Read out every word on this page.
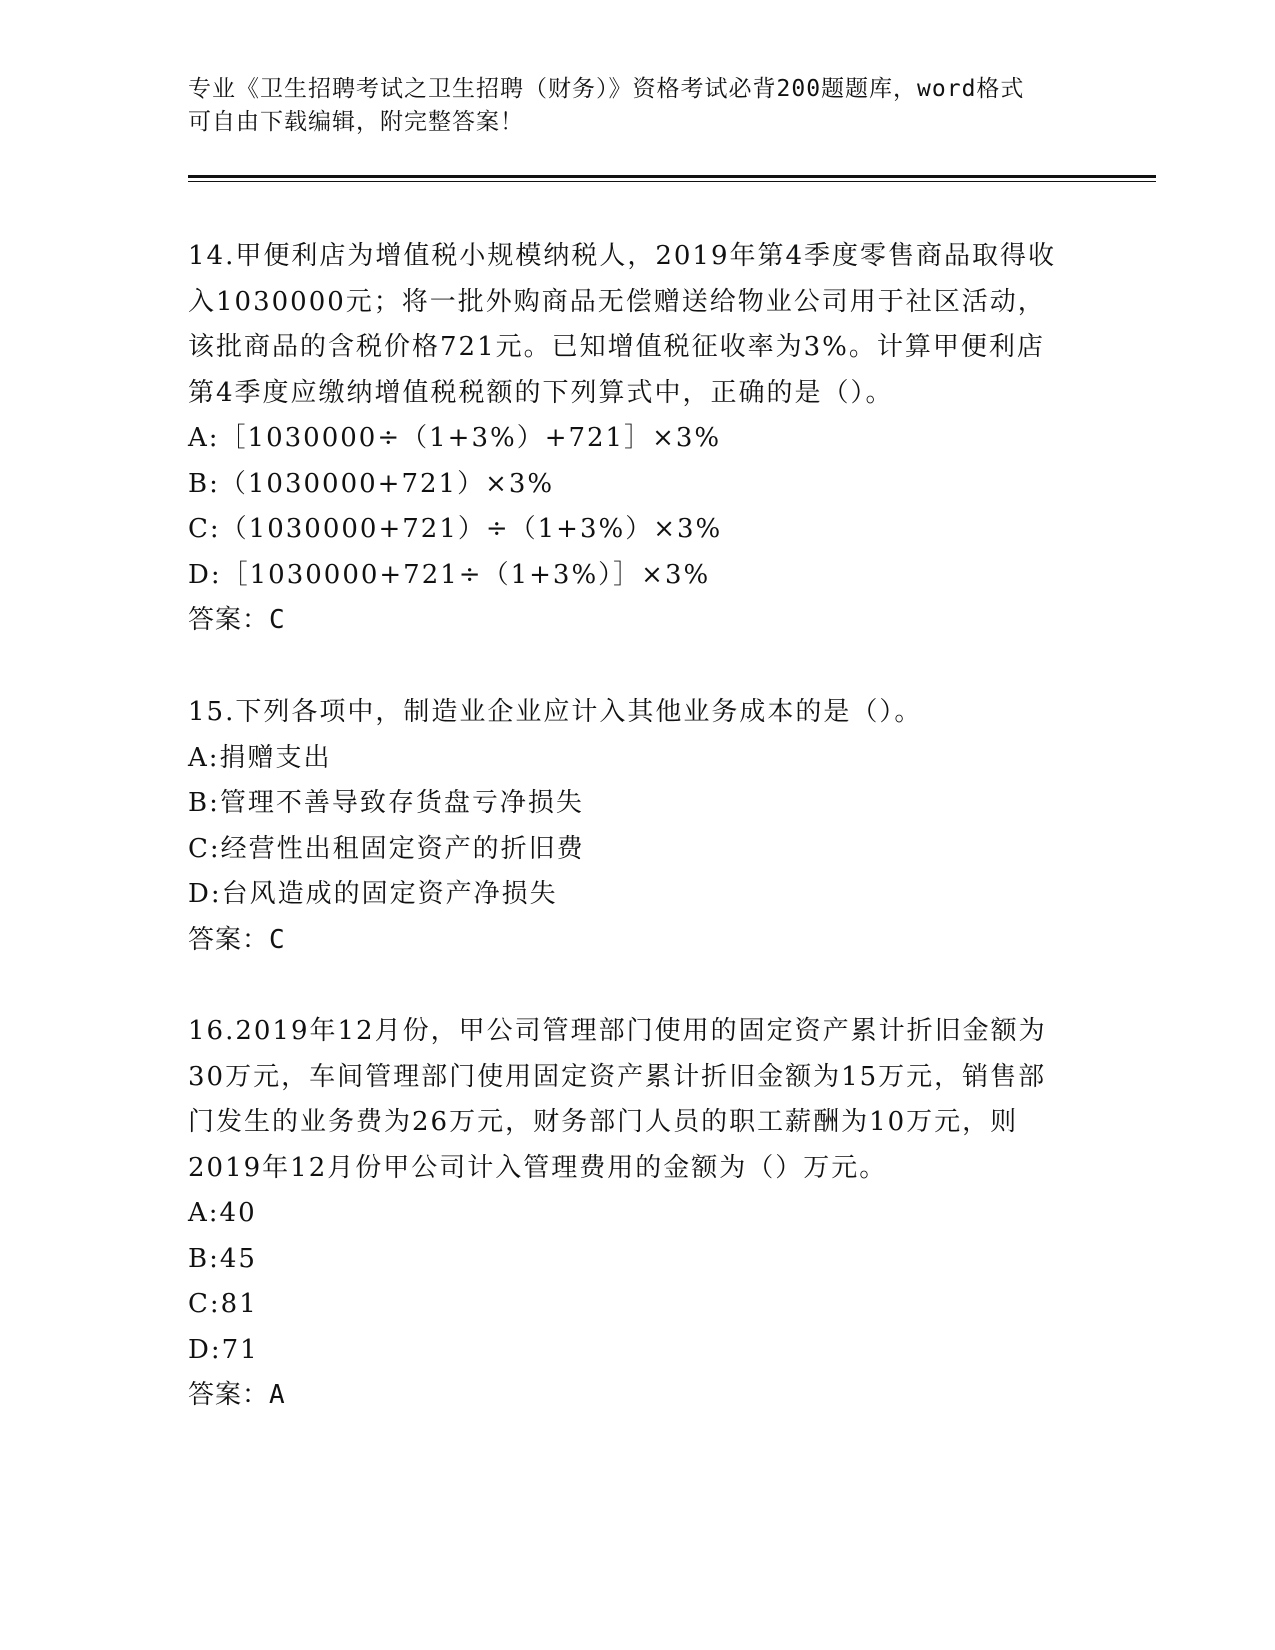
专业《卫生招聘考试之卫生招聘（财务）》资格考试必背200题题库，word格式
可自由下载编辑，附完整答案！
14.甲便利店为增值税小规模纳税人，2019年第4季度零售商品取得收
入1030000元；将一批外购商品无偿赠送给物业公司用于社区活动，
该批商品的含税价格721元。已知增值税征收率为3%。计算甲便利店
第4季度应缴纳增值税税额的下列算式中，正确的是（）。
A:［1030000÷（1+3%）+721］×3%
B:（1030000+721）×3%
C:（1030000+721）÷（1+3%）×3%
D:［1030000+721÷（1+3%）］×3%
答案：C
15.下列各项中，制造业企业应计入其他业务成本的是（）。
A:捐赠支出
B:管理不善导致存货盘亏净损失
C:经营性出租固定资产的折旧费
D:台风造成的固定资产净损失
答案：C
16.2019年12月份，甲公司管理部门使用的固定资产累计折旧金额为
30万元，车间管理部门使用固定资产累计折旧金额为15万元，销售部
门发生的业务费为26万元，财务部门人员的职工薪酬为10万元，则
2019年12月份甲公司计入管理费用的金额为（）万元。
A:40
B:45
C:81
D:71
答案：A
